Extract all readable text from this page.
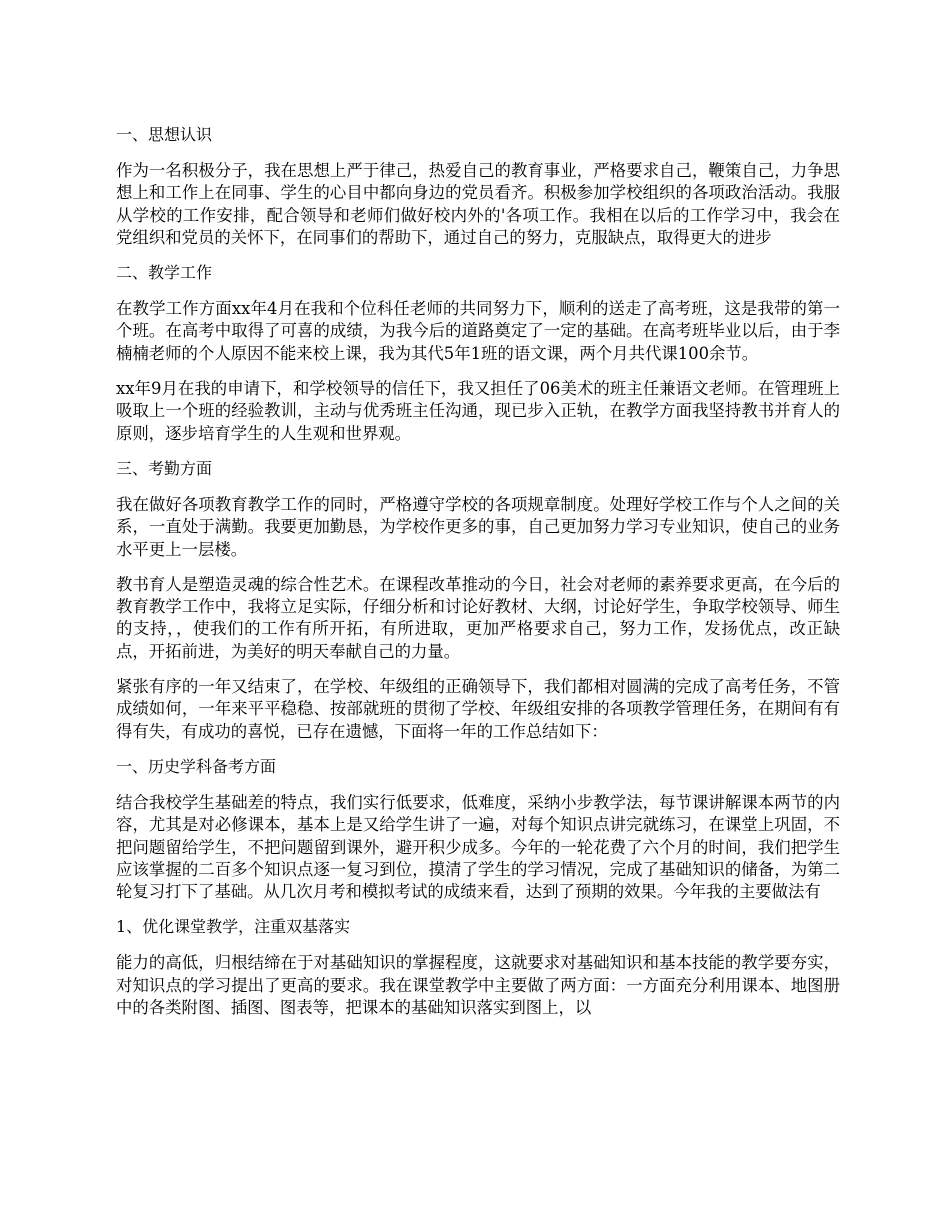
一、思想认识

作为一名积极分子，我在思想上严于律己，热爱自己的教育事业，严格要求自己，鞭策自己，力争思想上和工作上在同事、学生的心目中都向身边的党员看齐。积极参加学校组织的各项政治活动。我服从学校的工作安排，配合领导和老师们做好校内外的'各项工作。我相在以后的工作学习中，我会在党组织和党员的关怀下，在同事们的帮助下，通过自己的努力，克服缺点，取得更大的进步

二、教学工作

在教学工作方面xx年4月在我和个位科任老师的共同努力下，顺利的送走了高考班，这是我带的第一个班。在高考中取得了可喜的成绩，为我今后的道路奠定了一定的基础。在高考班毕业以后，由于李楠楠老师的个人原因不能来校上课，我为其代5年1班的语文课，两个月共代课100余节。

xx年9月在我的申请下，和学校领导的信任下，我又担任了06美术的班主任兼语文老师。在管理班上吸取上一个班的经验教训，主动与优秀班主任沟通，现已步入正轨，在教学方面我坚持教书并育人的原则，逐步培育学生的人生观和世界观。

三、考勤方面

我在做好各项教育教学工作的同时，严格遵守学校的各项规章制度。处理好学校工作与个人之间的关系，一直处于满勤。我要更加勤恳，为学校作更多的事，自己更加努力学习专业知识，使自己的业务水平更上一层楼。

教书育人是塑造灵魂的综合性艺术。在课程改革推动的今日，社会对老师的素养要求更高，在今后的教育教学工作中，我将立足实际，仔细分析和讨论好教材、大纲，讨论好学生，争取学校领导、师生的支持，，使我们的工作有所开拓，有所进取，更加严格要求自己，努力工作，发扬优点，改正缺点，开拓前进，为美好的明天奉献自己的力量。

紧张有序的一年又结束了，在学校、年级组的正确领导下，我们都相对圆满的完成了高考任务，不管成绩如何，一年来平平稳稳、按部就班的贯彻了学校、年级组安排的各项教学管理任务，在期间有有得有失，有成功的喜悦，已存在遗憾，下面将一年的工作总结如下：

一、历史学科备考方面

结合我校学生基础差的特点，我们实行低要求，低难度，采纳小步教学法，每节课讲解课本两节的内容，尤其是对必修课本，基本上是又给学生讲了一遍，对每个知识点讲完就练习，在课堂上巩固，不把问题留给学生，不把问题留到课外，避开积少成多。今年的一轮花费了六个月的时间，我们把学生应该掌握的二百多个知识点逐一复习到位，摸清了学生的学习情况，完成了基础知识的储备，为第二轮复习打下了基础。从几次月考和模拟考试的成绩来看，达到了预期的效果。今年我的主要做法有

1、优化课堂教学，注重双基落实

能力的高低，归根结缔在于对基础知识的掌握程度，这就要求对基础知识和基本技能的教学要夯实，对知识点的学习提出了更高的要求。我在课堂教学中主要做了两方面：一方面充分利用课本、地图册中的各类附图、插图、图表等，把课本的基础知识落实到图上，以
